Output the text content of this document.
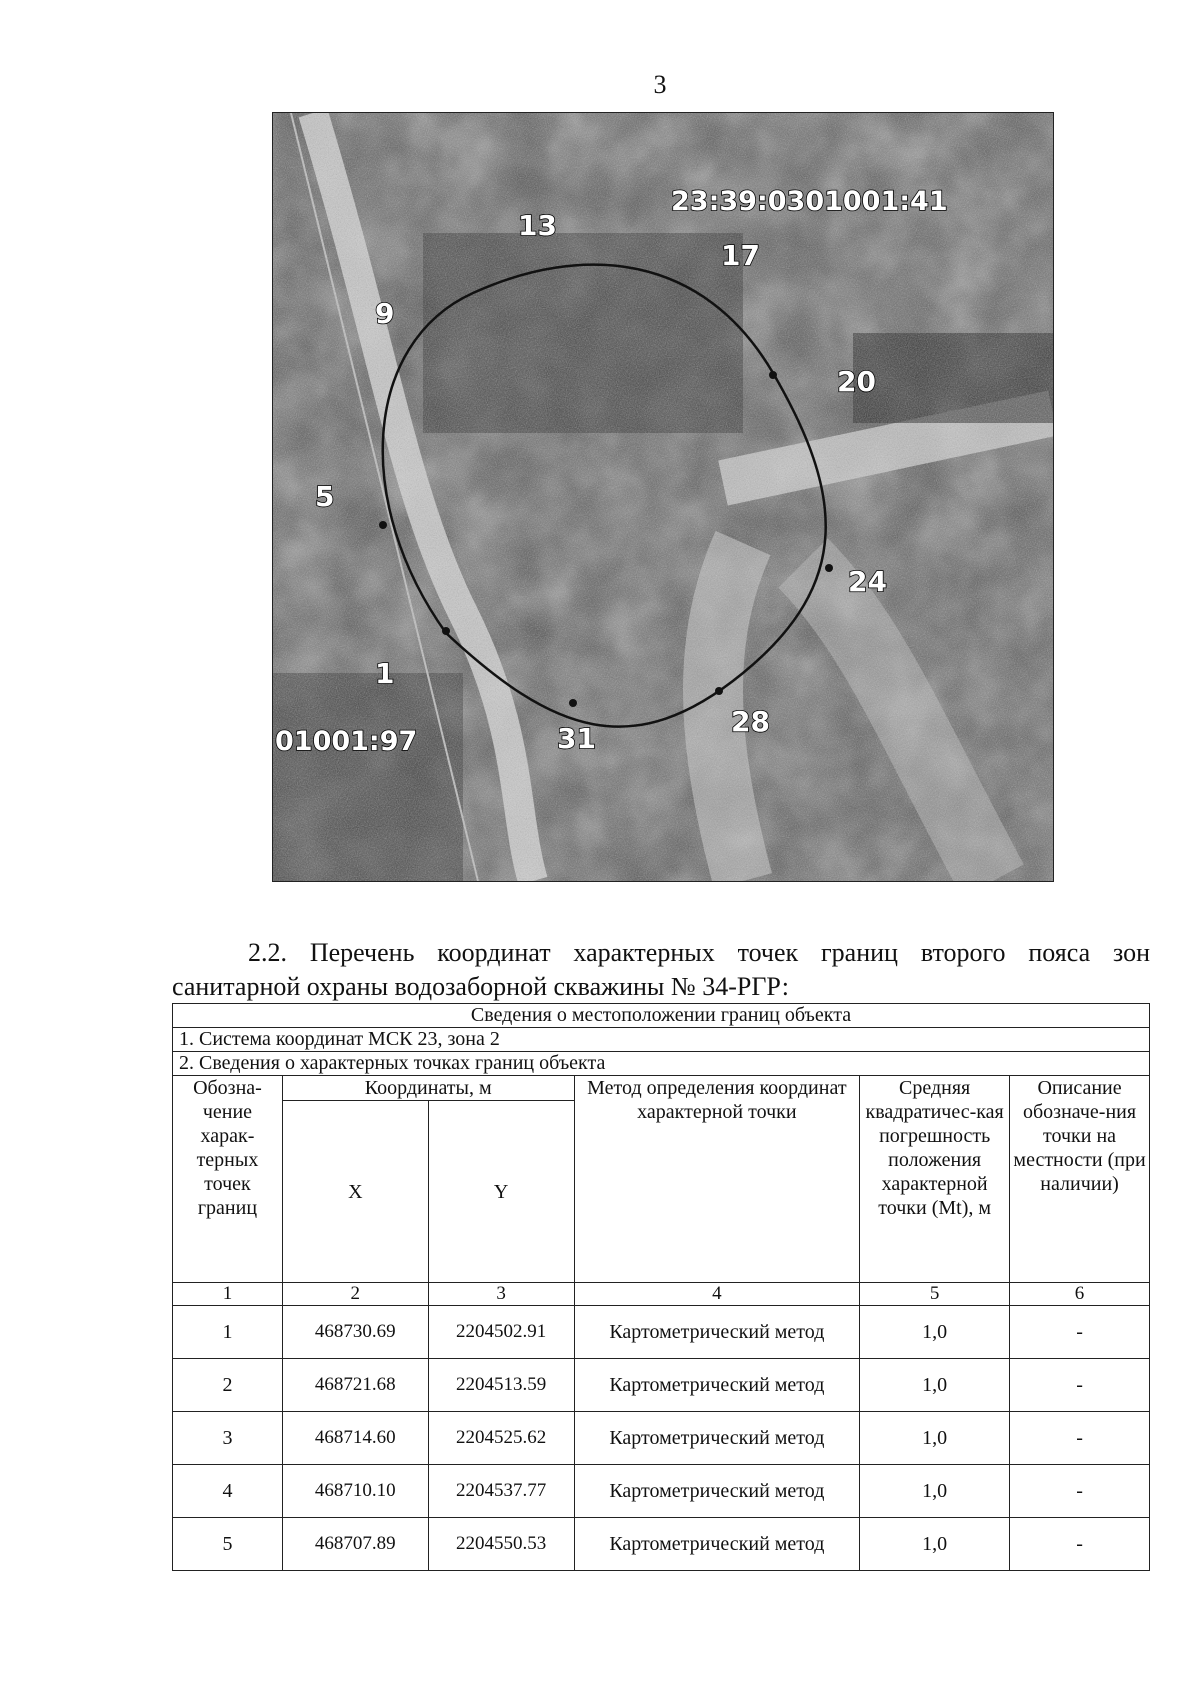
3
13
23:39:0301001:41
17
9
20
5
24
1
01001:97	31
28

2.2. Перечень координат характерных точек границ второго пояса зон санитарной охраны водозаборной скважины № 34-РГР:

Сведения о местоположении границ объекта					
1. Система координат МСК 23, зона 2					
2. Сведения о характерных точках границ объекта					
Обозна-чение харак-терных точек границ	Координаты, м		Метод определения координат характерной точки	Средняя квадратичес-кая погрешность положения характерной точки (Mt), м	Описание обозначе-ния точки на местности (при наличии)
	X	Y			
1	2	3	4	5	6
1	468730.69	2204502.91	Картометрический метод	1,0	-
2	468721.68	2204513.59	Картометрический метод	1,0	-
3	468714.60	2204525.62	Картометрический метод	1,0	-
4	468710.10	2204537.77	Картометрический метод	1,0	-
5	468707.89	2204550.53	Картометрический метод	1,0	-
